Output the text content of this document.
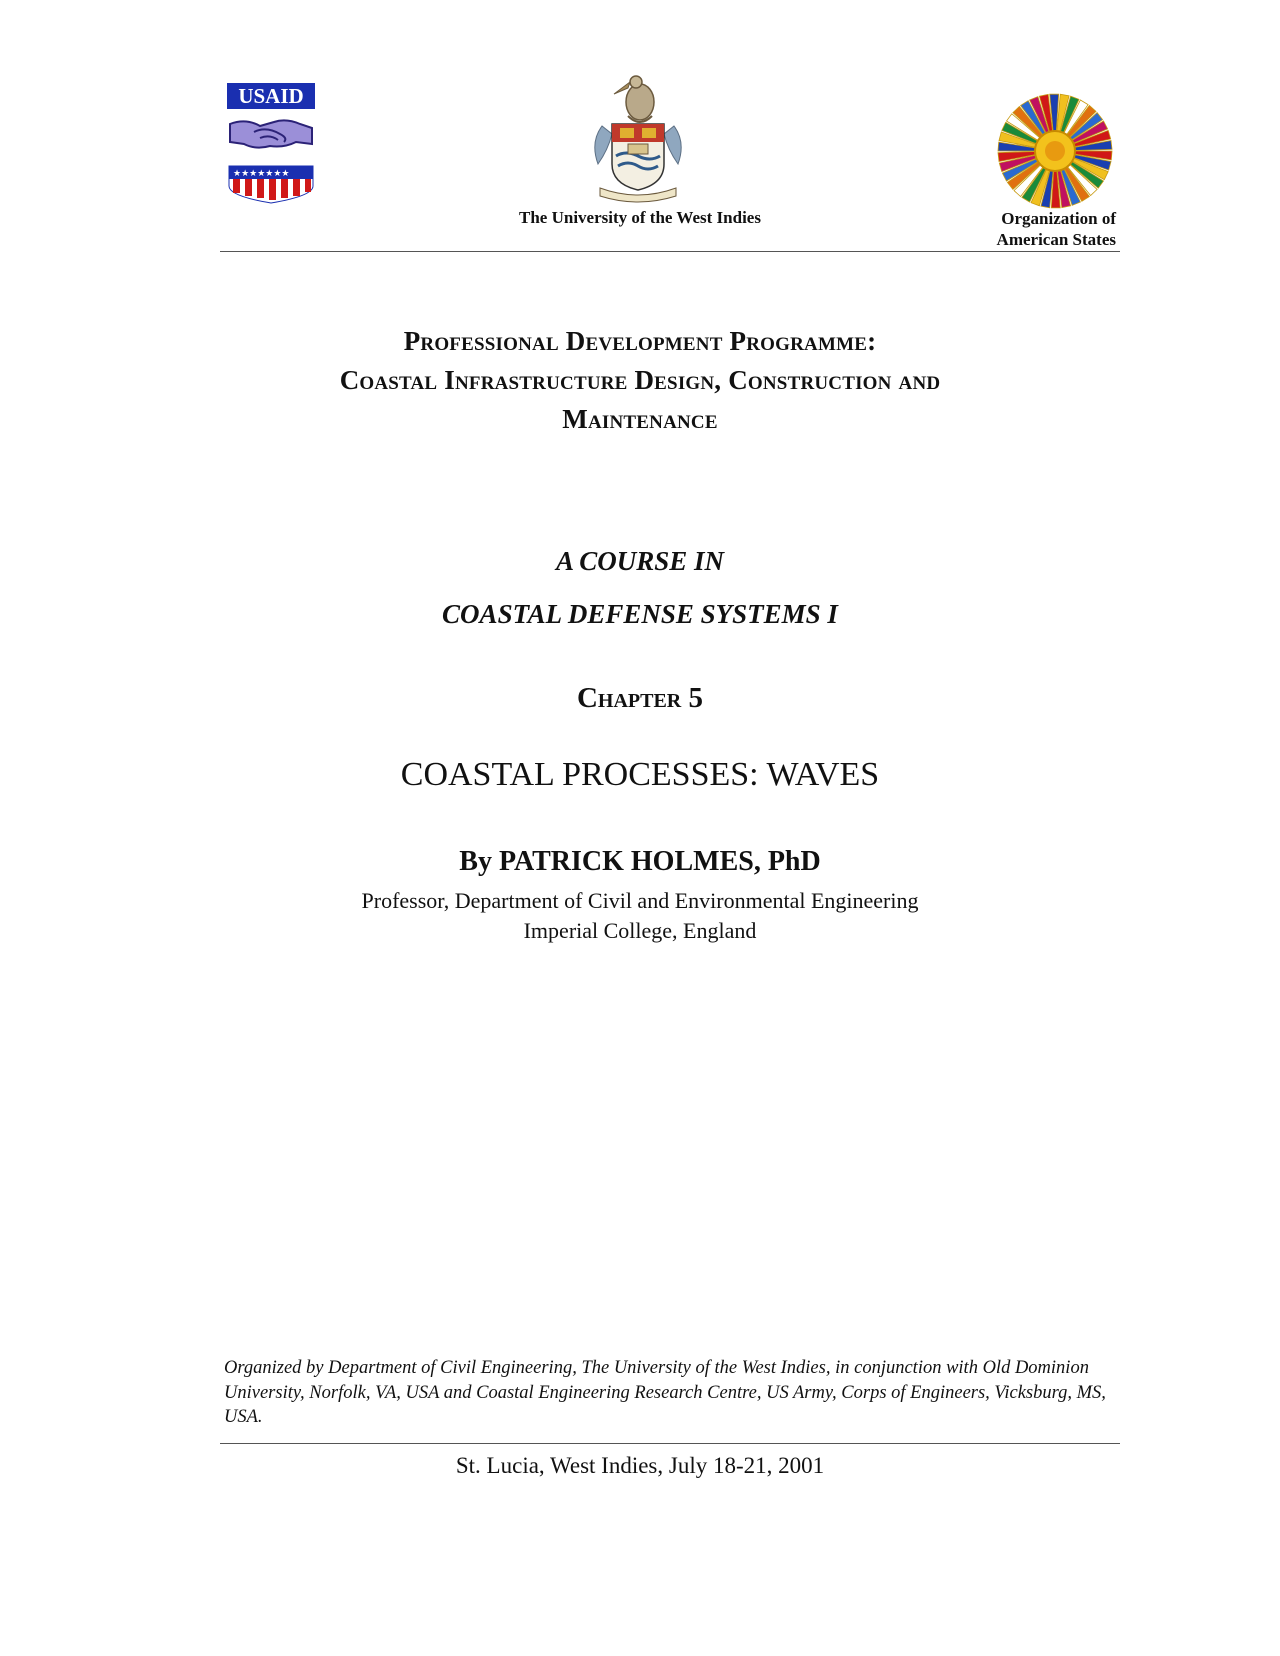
USAID
★★★★★★★
The University of the West Indies	Organization of
American States
Professional Development Programme:
Coastal Infrastructure Design, Construction and
Maintenance
A COURSE IN
COASTAL DEFENSE SYSTEMS I
Chapter 5
COASTAL PROCESSES: WAVES
By PATRICK HOLMES, PhD
Professor, Department of Civil and Environmental Engineering
Imperial College, England
Organized by Department of Civil Engineering, The University of the West Indies, in conjunction with Old Dominion University, Norfolk, VA, USA and Coastal Engineering Research Centre, US Army, Corps of Engineers, Vicksburg, MS, USA.
St. Lucia, West Indies, July 18-21, 2001
